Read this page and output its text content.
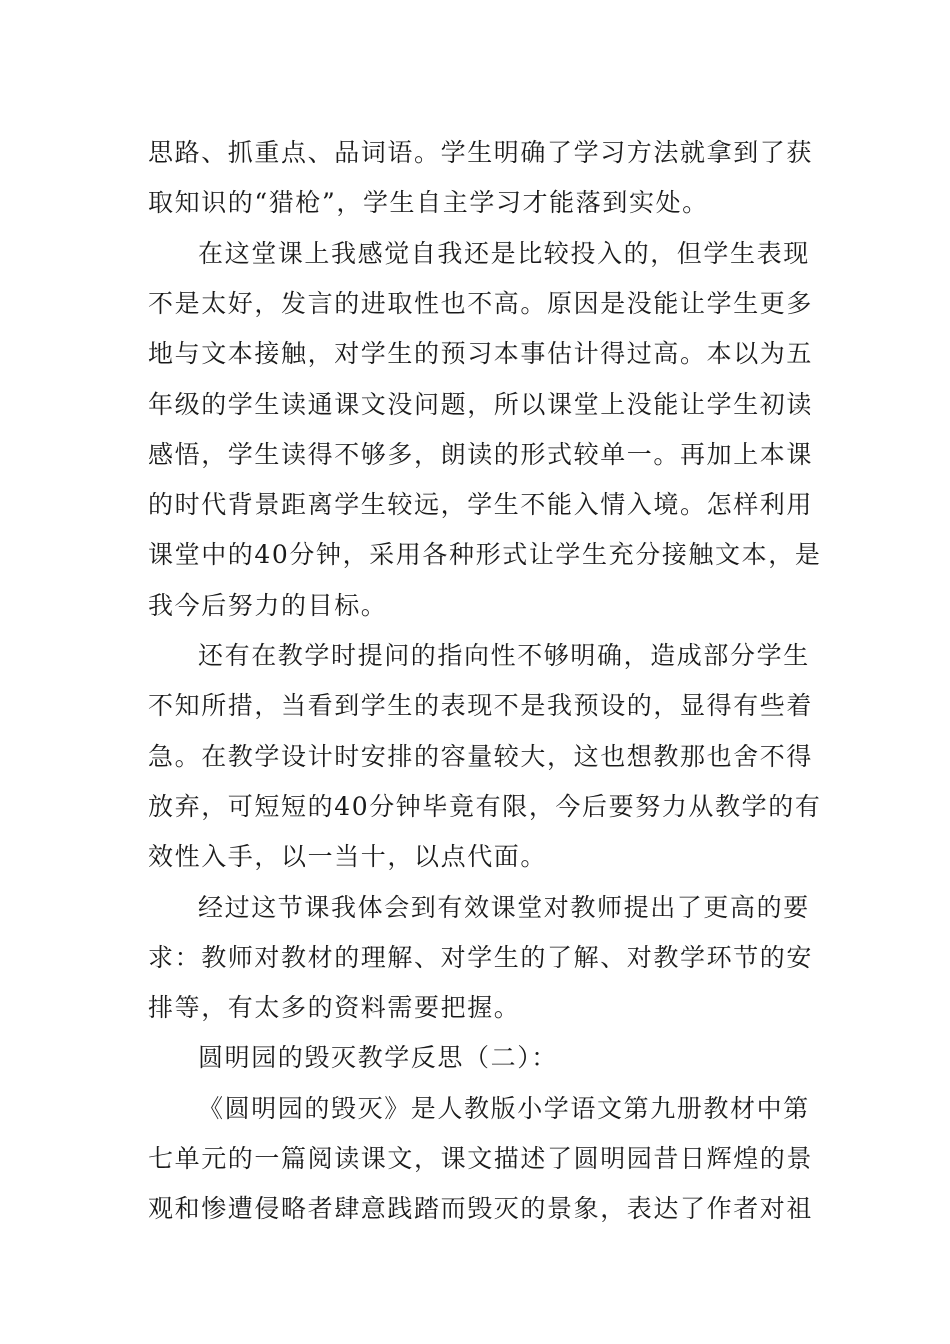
思路、抓重点、品词语。学生明确了学习方法就拿到了获
取知识的“猎枪”，学生自主学习才能落到实处。
在这堂课上我感觉自我还是比较投入的，但学生表现
不是太好，发言的进取性也不高。原因是没能让学生更多
地与文本接触，对学生的预习本事估计得过高。本以为五
年级的学生读通课文没问题，所以课堂上没能让学生初读
感悟，学生读得不够多，朗读的形式较单一。再加上本课
的时代背景距离学生较远，学生不能入情入境。怎样利用
课堂中的40分钟，采用各种形式让学生充分接触文本，是
我今后努力的目标。
还有在教学时提问的指向性不够明确，造成部分学生
不知所措，当看到学生的表现不是我预设的，显得有些着
急。在教学设计时安排的容量较大，这也想教那也舍不得
放弃，可短短的40分钟毕竟有限，今后要努力从教学的有
效性入手，以一当十，以点代面。
经过这节课我体会到有效课堂对教师提出了更高的要
求：教师对教材的理解、对学生的了解、对教学环节的安
排等，有太多的资料需要把握。
圆明园的毁灭教学反思（二）：
《圆明园的毁灭》是人教版小学语文第九册教材中第
七单元的一篇阅读课文，课文描述了圆明园昔日辉煌的景
观和惨遭侵略者肆意践踏而毁灭的景象，表达了作者对祖
